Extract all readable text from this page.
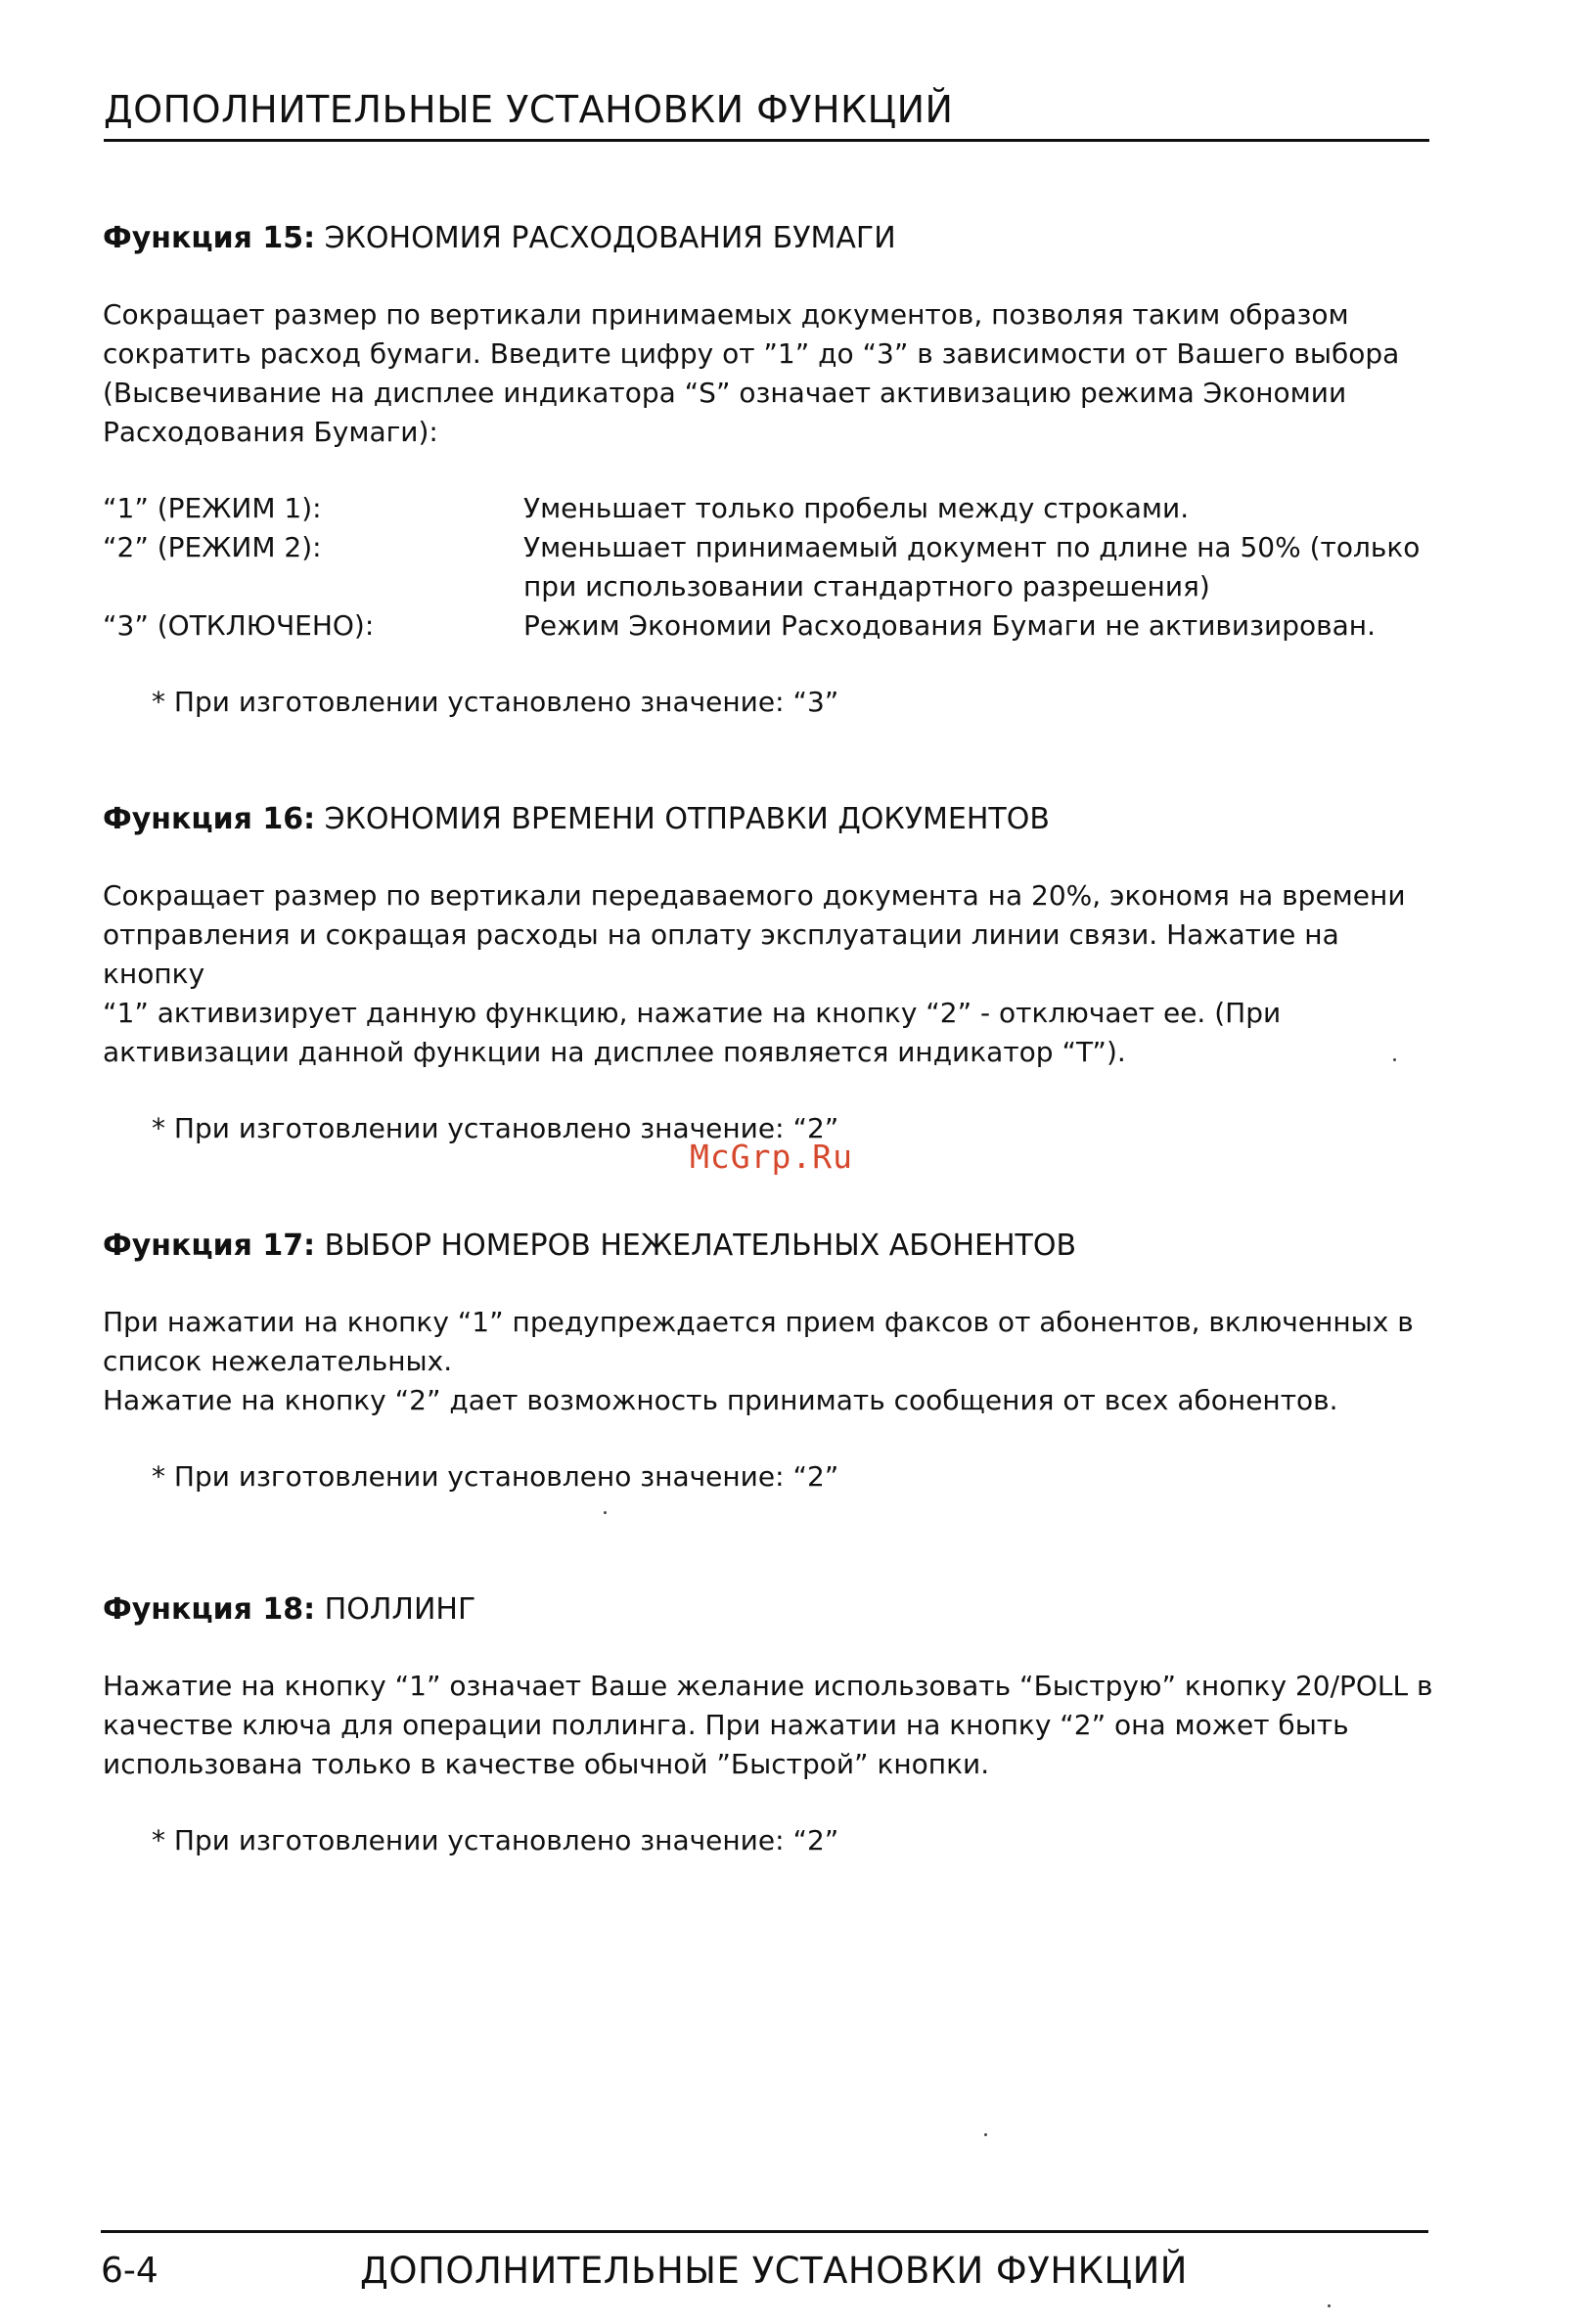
ДОПОЛНИТЕЛЬНЫЕ УСТАНОВКИ ФУНКЦИЙ
Функция 15: ЭКОНОМИЯ РАСХОДОВАНИЯ БУМАГИ

Сокращает размер по вертикали принимаемых документов, позволяя таким образом
сократить расход бумаги. Введите цифру от ”1” до “3” в зависимости от Вашего выбора
(Высвечивание на дисплее индикатора “S” означает активизацию режима Экономии
Расходования Бумаги):

“1” (РЕЖИМ 1):	Уменьшает только пробелы между строками.
“2” (РЕЖИМ 2):	Уменьшает принимаемый документ по длине на 50% (только
при использовании стандартного разрешения)
“3” (ОТКЛЮЧЕНО):	Режим Экономии Расходования Бумаги не активизирован.
* При изготовлении установлено значение: “3”
Функция 16: ЭКОНОМИЯ ВРЕМЕНИ ОТПРАВКИ ДОКУМЕНТОВ

Сокращает размер по вертикали передаваемого документа на 20%, экономя на времени
отправления и сокращая расходы на оплату эксплуатации линии связи. Нажатие на кнопку
“1” активизирует данную функцию, нажатие на кнопку “2” - отключает ее. (При
активизации данной функции на дисплее появляется индикатор “T”).

* При изготовлении установлено значение: “2”
Функция 17: ВЫБОР НОМЕРОВ НЕЖЕЛАТЕЛЬНЫХ АБОНЕНТОВ

При нажатии на кнопку “1” предупреждается прием факсов от абонентов, включенных в
список нежелательных.
Нажатие на кнопку “2” дает возможность принимать сообщения от всех абонентов.

* При изготовлении установлено значение: “2”
Функция 18: ПОЛЛИНГ

Нажатие на кнопку “1” означает Ваше желание использовать “Быструю” кнопку 20/POLL в
качестве ключа для операции поллинга. При нажатии на кнопку “2” она может быть
использована только в качестве обычной ”Быстрой” кнопки.

* При изготовлении установлено значение: “2”
McGrp.Ru
6-4	ДОПОЛНИТЕЛЬНЫЕ УСТАНОВКИ ФУНКЦИЙ
